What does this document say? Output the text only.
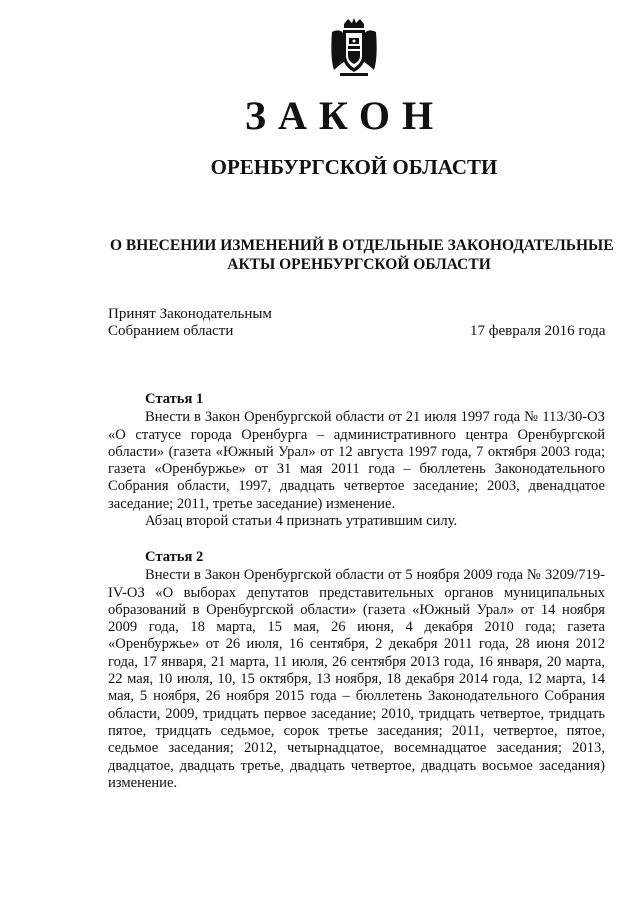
ЗАКОН
ОРЕНБУРГСКОЙ ОБЛАСТИ
О ВНЕСЕНИИ ИЗМЕНЕНИЙ В ОТДЕЛЬНЫЕ ЗАКОНОДАТЕЛЬНЫЕ
АКТЫ ОРЕНБУРГСКОЙ ОБЛАСТИ
Принят Законодательным
Собранием области	17 февраля 2016 года
Статья 1

Внести в Закон Оренбургской области от 21 июля 1997 года № 113/30-ОЗ «О статусе города Оренбурга – административного центра Оренбургской области» (газета «Южный Урал» от 12 августа 1997 года, 7 октября 2003 года; газета «Оренбуржье» от 31 мая 2011 года – бюллетень Законодательного Собрания области, 1997, двадцать четвертое заседание; 2003, двенадцатое заседание; 2011, третье заседание) изменение.

Абзац второй статьи 4 признать утратившим силу.

Статья 2

Внести в Закон Оренбургской области от 5 ноября 2009 года № 3209/719-IV-ОЗ «О выборах депутатов представительных органов муниципальных образований в Оренбургской области» (газета «Южный Урал» от 14 ноября 2009 года, 18 марта, 15 мая, 26 июня, 4 декабря 2010 года; газета «Оренбуржье» от 26 июля, 16 сентября, 2 декабря 2011 года, 28 июня 2012 года, 17 января, 21 марта, 11 июля, 26 сентября 2013 года, 16 января, 20 марта, 22 мая, 10 июля, 10, 15 октября, 13 ноября, 18 декабря 2014 года, 12 марта, 14 мая, 5 ноября, 26 ноября 2015 года – бюллетень Законодательного Собрания области, 2009, тридцать первое заседание; 2010, тридцать четвертое, тридцать пятое, тридцать седьмое, сорок третье заседания; 2011, четвертое, пятое, седьмое заседания; 2012, четырнадцатое, восемнадцатое заседания; 2013, двадцатое, двадцать третье, двадцать четвертое, двадцать восьмое заседания) изменение.
